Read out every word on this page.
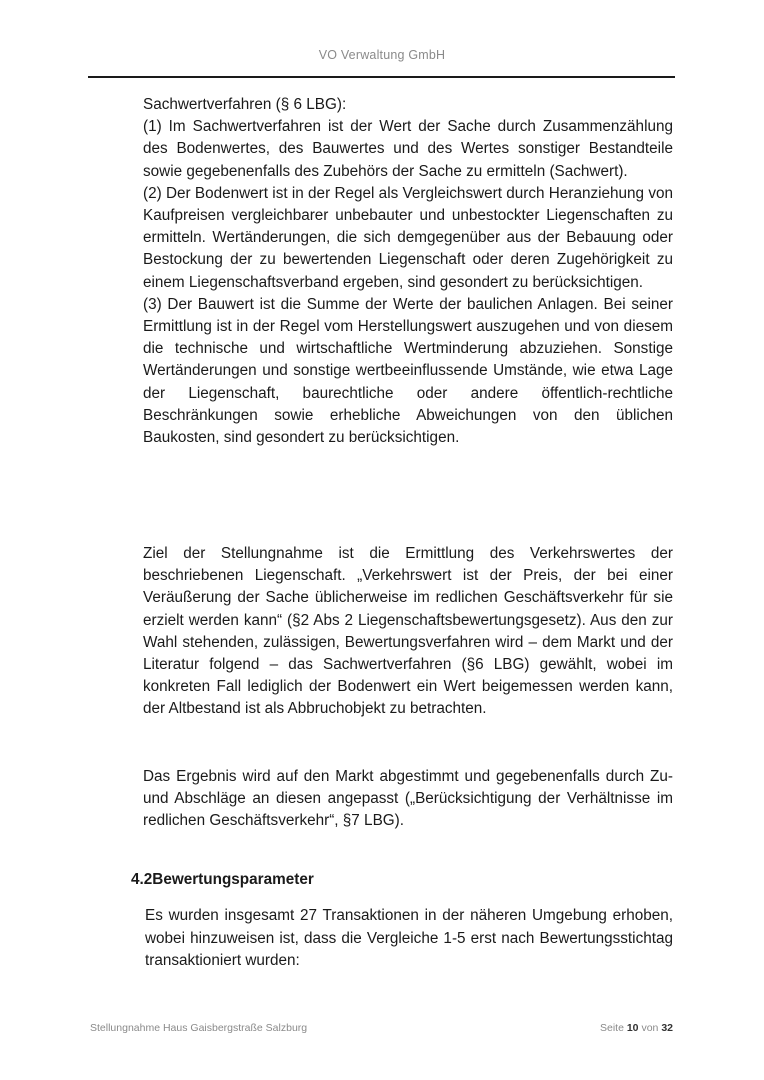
VO Verwaltung GmbH

Sachwertverfahren (§ 6 LBG):

(1) Im Sachwertverfahren ist der Wert der Sache durch Zusammenzählung des Bodenwertes, des Bauwertes und des Wertes sonstiger Bestandteile sowie gegebenenfalls des Zubehörs der Sache zu ermitteln (Sachwert).

(2) Der Bodenwert ist in der Regel als Vergleichswert durch Heranziehung von Kaufpreisen vergleichbarer unbebauter und unbestockter Liegenschaften zu ermitteln. Wertänderungen, die sich demgegenüber aus der Bebauung oder Bestockung der zu bewertenden Liegenschaft oder deren Zugehörigkeit zu einem Liegenschaftsverband ergeben, sind gesondert zu berücksichtigen.

(3) Der Bauwert ist die Summe der Werte der baulichen Anlagen. Bei seiner Ermittlung ist in der Regel vom Herstellungswert auszugehen und von diesem die technische und wirtschaftliche Wertminderung abzuziehen. Sonstige Wertänderungen und sonstige wertbeeinflussende Umstände, wie etwa Lage der Liegenschaft, baurechtliche oder andere öffentlich-rechtliche Beschränkungen sowie erhebliche Abweichungen von den üblichen Baukosten, sind gesondert zu berücksichtigen.

Ziel der Stellungnahme ist die Ermittlung des Verkehrswertes der beschriebenen Liegenschaft. „Verkehrswert ist der Preis, der bei einer Veräußerung der Sache üblicherweise im redlichen Geschäftsverkehr für sie erzielt werden kann“ (§2 Abs 2 Liegenschaftsbewertungsgesetz). Aus den zur Wahl stehenden, zulässigen, Bewertungsverfahren wird – dem Markt und der Literatur folgend – das Sachwertverfahren (§6 LBG) gewählt, wobei im konkreten Fall lediglich der Bodenwert ein Wert beigemessen werden kann, der Altbestand ist als Abbruchobjekt zu betrachten.

Das Ergebnis wird auf den Markt abgestimmt und gegebenenfalls durch Zu- und Abschläge an diesen angepasst („Berücksichtigung der Verhältnisse im redlichen Geschäftsverkehr“, §7 LBG).

4.2Bewertungsparameter

Es wurden insgesamt 27 Transaktionen in der näheren Umgebung erhoben, wobei hinzuweisen ist, dass die Vergleiche 1-5 erst nach Bewertungsstichtag transaktioniert wurden:

Stellungnahme Haus Gaisbergstraße Salzburg	Seite 10 von 32
